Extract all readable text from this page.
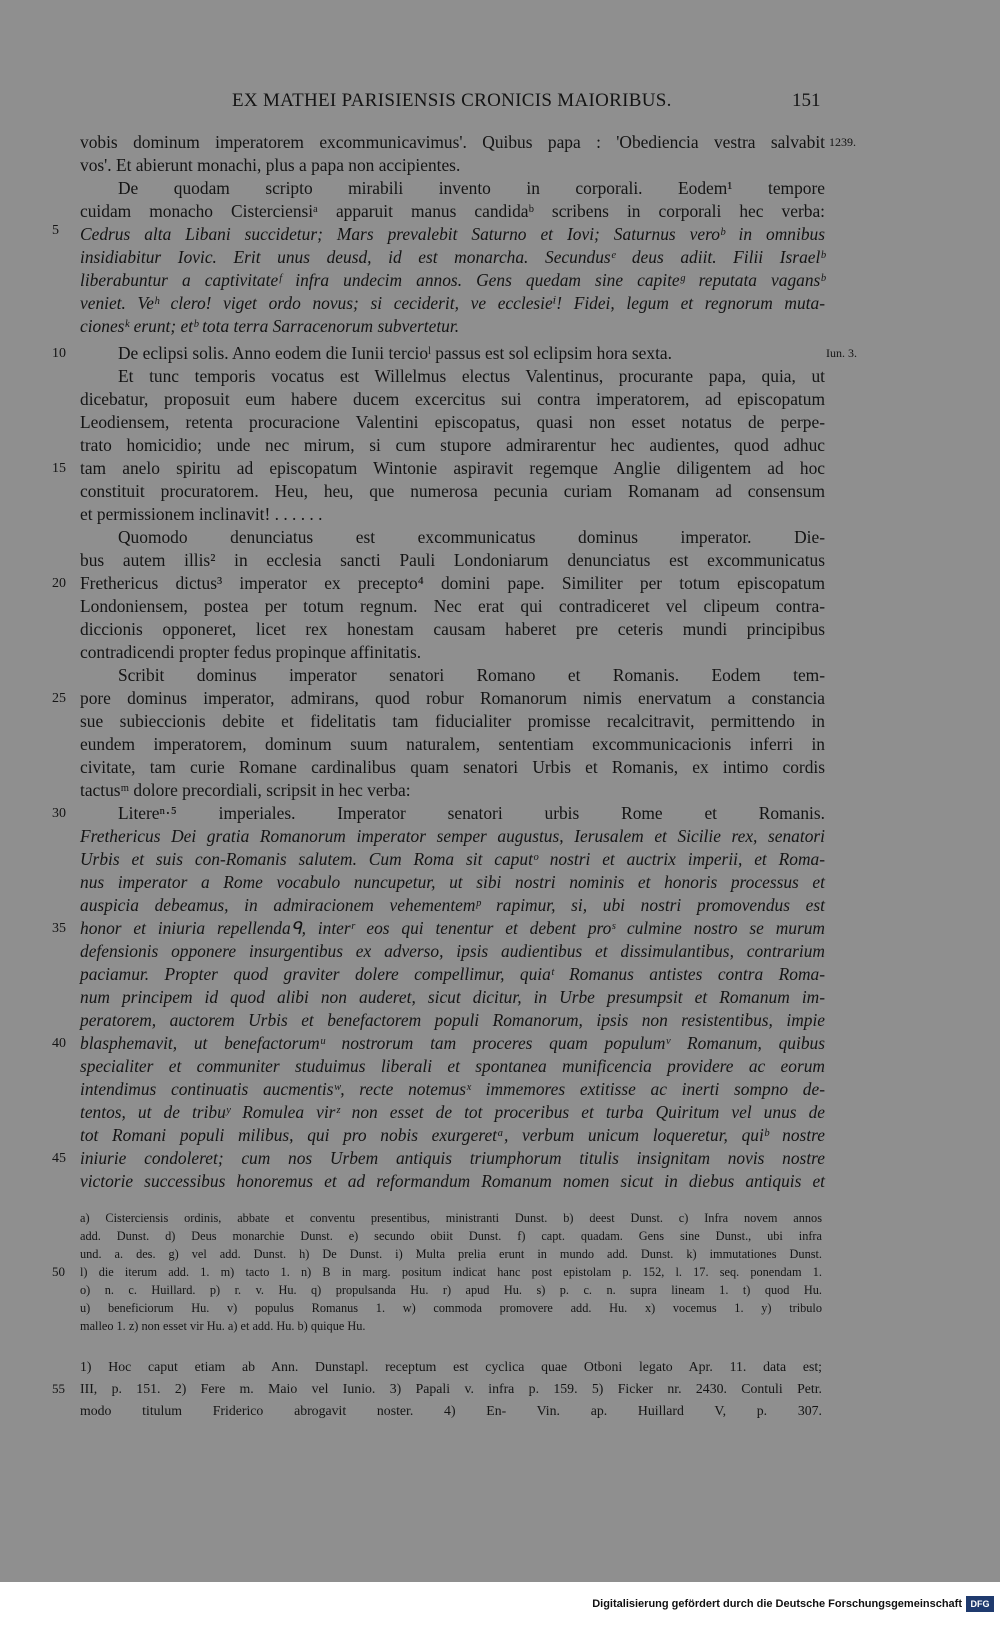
EX MATHEI PARISIENSIS CRONICIS MAIORIBUS.	151
1239.
Iun. 3.
5
10
15
20
25
30
35
40
45
vobis dominum imperatorem excommunicavimus'. Quibus papa : 'Obediencia vestra salvabit
vos'. Et abierunt monachi, plus a papa non accipientes.
De quodam scripto mirabili invento in corporali. Eodem¹ tempore
cuidam monacho Cisterciensiᵃ apparuit manus candidaᵇ scribens in corporali hec verba:
Cedrus alta Libani succidetur; Mars prevalebit Saturno et Iovi; Saturnus veroᵇ in omnibus
insidiabitur Iovic. Erit unus deusd, id est monarcha. Secundusᵉ deus adiit. Filii Israelᵇ
liberabuntur a captivitateᶠ infra undecim annos. Gens quedam sine capiteᵍ reputata vagansᵇ
veniet. Veʰ clero! viget ordo novus; si ceciderit, ve ecclesieⁱ! Fidei, legum et regnorum muta-
cionesᵏ erunt; etᵇ tota terra Sarracenorum subvertetur.
De eclipsi solis. Anno eodem die Iunii tercioˡ passus est sol eclipsim hora sexta.
Et tunc temporis vocatus est Willelmus electus Valentinus, procurante papa, quia, ut
dicebatur, proposuit eum habere ducem excercitus sui contra imperatorem, ad episcopatum
Leodiensem, retenta procuracione Valentini episcopatus, quasi non esset notatus de perpe-
trato homicidio; unde nec mirum, si cum stupore admirarentur hec audientes, quod adhuc
tam anelo spiritu ad episcopatum Wintonie aspiravit regemque Anglie diligentem ad hoc
constituit procuratorem. Heu, heu, que numerosa pecunia curiam Romanam ad consensum
et permissionem inclinavit! . . . . . .
Quomodo denunciatus est excommunicatus dominus imperator. Die-
bus autem illis² in ecclesia sancti Pauli Londoniarum denunciatus est excommunicatus
Frethericus dictus³ imperator ex precepto⁴ domini pape. Similiter per totum episcopatum
Londoniensem, postea per totum regnum. Nec erat qui contradiceret vel clipeum contra-
diccionis opponeret, licet rex honestam causam haberet pre ceteris mundi principibus
contradicendi propter fedus propinque affinitatis.
Scribit dominus imperator senatori Romano et Romanis. Eodem tem-
pore dominus imperator, admirans, quod robur Romanorum nimis enervatum a constancia
sue subieccionis debite et fidelitatis tam fiducialiter promisse recalcitravit, permittendo in
eundem imperatorem, dominum suum naturalem, sententiam excommunicacionis inferri in
civitate, tam curie Romane cardinalibus quam senatori Urbis et Romanis, ex intimo cordis
tactusᵐ dolore precordiali, scripsit in hec verba:
Litereⁿ·⁵ imperiales. Imperator senatori urbis Rome et Romanis.
Frethericus Dei gratia Romanorum imperator semper augustus, Ierusalem et Sicilie rex, senatori
Urbis et suis con-Romanis salutem. Cum Roma sit caputᵒ nostri et auctrix imperii, et Roma-
nus imperator a Rome vocabulo nuncupetur, ut sibi nostri nominis et honoris processus et
auspicia debeamus, in admiracionem vehementemᵖ rapimur, si, ubi nostri promovendus est
honor et iniuria repellendaᑫ, interʳ eos qui tenentur et debent proˢ culmine nostro se murum
defensionis opponere insurgentibus ex adverso, ipsis audientibus et dissimulantibus, contrarium
paciamur. Propter quod graviter dolere compellimur, quiaᵗ Romanus antistes contra Roma-
num principem id quod alibi non auderet, sicut dicitur, in Urbe presumpsit et Romanum im-
peratorem, auctorem Urbis et benefactorem populi Romanorum, ipsis non resistentibus, impie
blasphemavit, ut benefactorumᵘ nostrorum tam proceres quam populumᵛ Romanum, quibus
specialiter et communiter studuimus liberali et spontanea munificencia providere ac eorum
intendimus continuatis aucmentisʷ, recte notemusˣ immemores extitisse ac inerti sompno de-
tentos, ut de tribuʸ Romulea virᶻ non esset de tot proceribus et turba Quiritum vel unus de
tot Romani populi milibus, qui pro nobis exurgeretᵃ, verbum unicum loqueretur, quiᵇ nostre
iniurie condoleret; cum nos Urbem antiquis triumphorum titulis insignitam novis nostre
victorie successibus honoremus et ad reformandum Romanum nomen sicut in diebus antiquis et
a) Cisterciensis ordinis, abbate et conventu presentibus, ministranti Dunst. b) deest Dunst. c) Infra novem annos
add. Dunst. d) Deus monarchie Dunst. e) secundo obiit Dunst. f) capt. quadam. Gens sine Dunst., ubi infra
und. a. des. g) vel add. Dunst. h) De Dunst. i) Multa prelia erunt in mundo add. Dunst. k) immutationes Dunst.
50 l) die iterum add. 1. m) tacto 1. n) B in marg. positum indicat hanc post epistolam p. 152, l. 17. seq. ponendam 1.
o) n. c. Huillard. p) r. v. Hu. q) propulsanda Hu. r) apud Hu. s) p. c. n. supra lineam 1. t) quod Hu.
u) beneficiorum Hu. v) populus Romanus 1. w) commoda promovere add. Hu. x) vocemus 1. y) tribulo
malleo 1. z) non esset vir Hu. a) et add. Hu. b) quique Hu.
1) Hoc caput etiam ab Ann. Dunstapl. receptum est cyclica quae Otboni legato Apr. 11. data est;
55 III, p. 151. 2) Fere m. Maio vel Iunio. 3) Papali v. infra p. 159. 5) Ficker nr. 2430. Contuli Petr.
modo titulum Friderico abrogavit noster. 4) En- Vin. ap. Huillard V, p. 307.
Digitalisierung gefördert durch die Deutsche Forschungsgemeinschaft DFG
